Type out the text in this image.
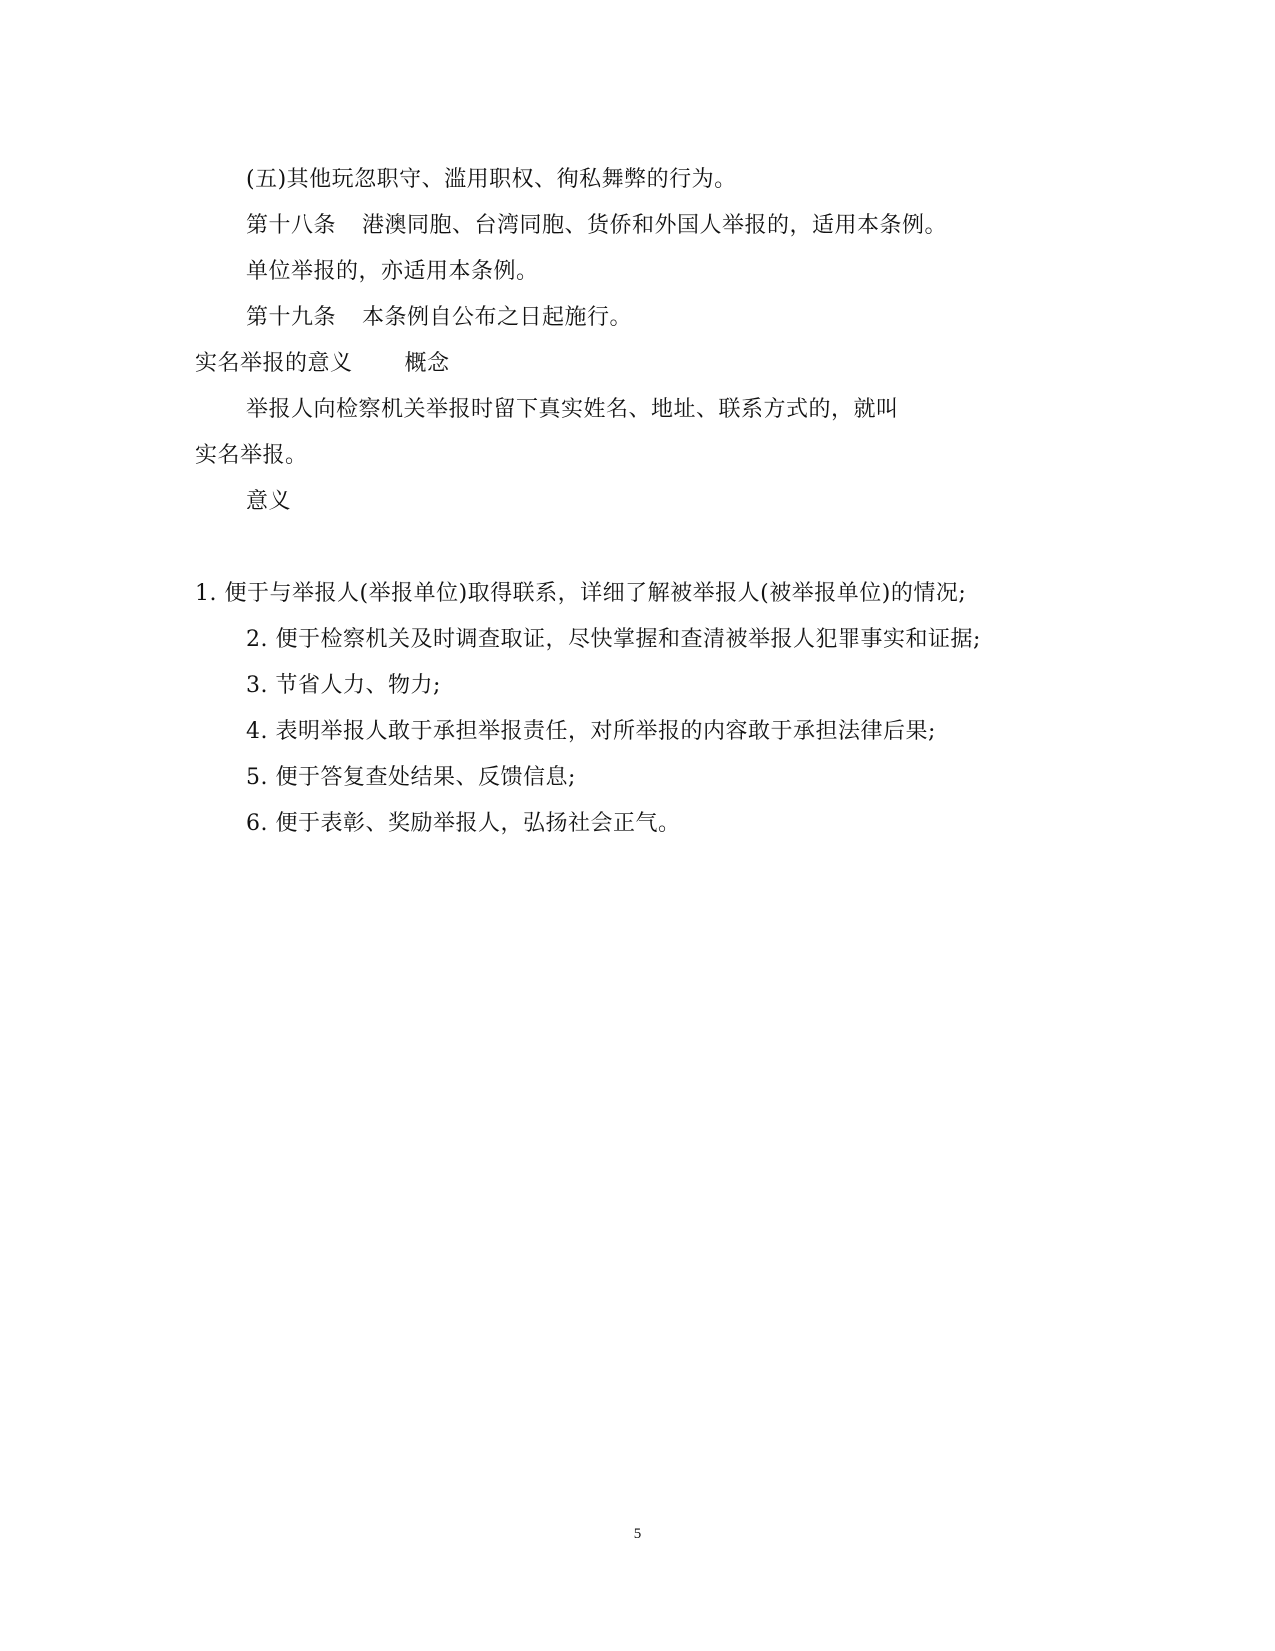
(五)其他玩忽职守、滥用职权、徇私舞弊的行为。
第十八条 港澳同胞、台湾同胞、货侨和外国人举报的，适用本条例。
单位举报的，亦适用本条例。
第十九条 本条例自公布之日起施行。
实名举报的意义 概念
举报人向检察机关举报时留下真实姓名、地址、联系方式的，就叫
实名举报。
意义
1. 便于与举报人(举报单位)取得联系，详细了解被举报人(被举报单位)的情况;
2. 便于检察机关及时调查取证，尽快掌握和查清被举报人犯罪事实和证据;
3. 节省人力、物力;
4. 表明举报人敢于承担举报责任，对所举报的内容敢于承担法律后果;
5. 便于答复查处结果、反馈信息;
6. 便于表彰、奖励举报人，弘扬社会正气。
5
